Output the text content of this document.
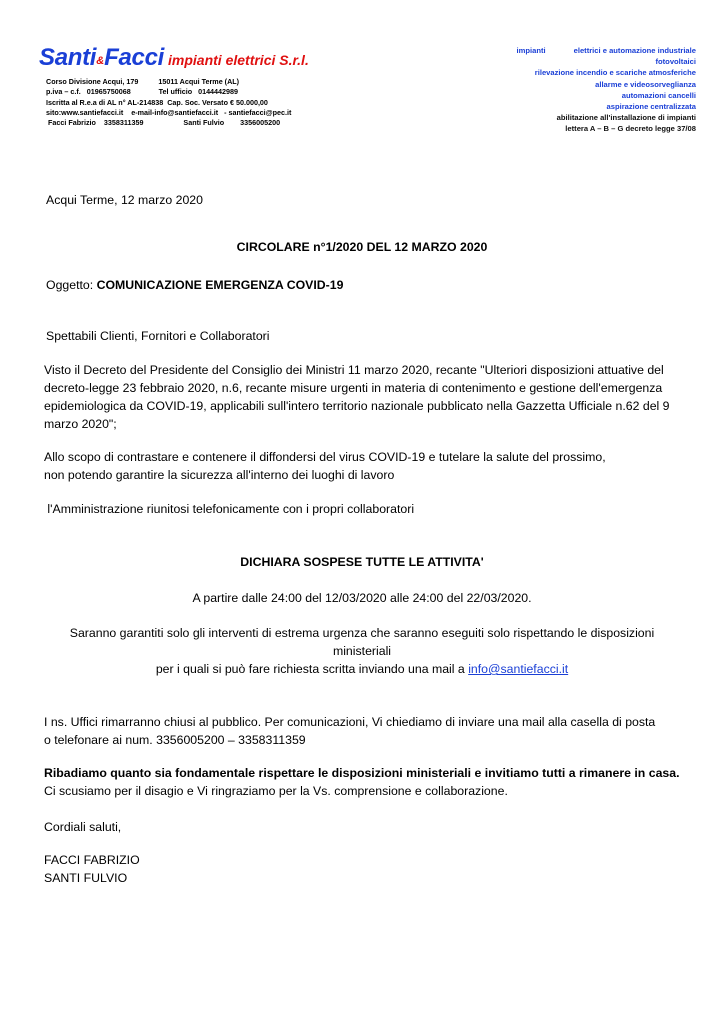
Santi&Facci impianti elettrici S.r.l.
Corso Divisione Acqui, 179          15011 Acqui Terme (AL)
p.iva – c.f.   01965750068              Tel ufficio   0144442989
Iscritta al R.e.a di AL n° AL-214838  Cap. Soc. Versato € 50.000,00
sito:www.santiefacci.it    e-mail-info@santiefacci.it   - santiefacci@pec.it
Facci Fabrizio    3358311359                    Santi Fulvio        3356005200
impianti	elettrici e automazione industriale
fotovoltaici
rilevazione incendio e scariche atmosferiche
allarme e videosorveglianza
automazioni cancelli
aspirazione centralizzata
abilitazione all'installazione di impianti
lettera A – B – G decreto legge 37/08
Acqui Terme, 12 marzo 2020
CIRCOLARE n°1/2020 DEL 12 MARZO 2020
Oggetto: COMUNICAZIONE EMERGENZA COVID-19
Spettabili Clienti, Fornitori e Collaboratori
Visto il Decreto del Presidente del Consiglio dei Ministri 11 marzo 2020, recante "Ulteriori disposizioni attuative del
decreto-legge 23 febbraio 2020, n.6, recante misure urgenti in materia di contenimento e gestione dell'emergenza
epidemiologica da COVID-19, applicabili sull'intero territorio nazionale pubblicato nella Gazzetta Ufficiale n.62 del 9
marzo 2020";
Allo scopo di contrastare e contenere il diffondersi del virus COVID-19 e tutelare la salute del prossimo,
non potendo garantire la sicurezza all'interno dei luoghi di lavoro
l'Amministrazione riunitosi telefonicamente con i propri collaboratori
DICHIARA SOSPESE TUTTE LE ATTIVITA'
A partire dalle 24:00 del 12/03/2020 alle 24:00 del 22/03/2020.
Saranno garantiti solo gli interventi di estrema urgenza che saranno eseguiti solo rispettando le disposizioni
ministeriali
per i quali si può fare richiesta scritta inviando una mail a info@santiefacci.it
I ns. Uffici rimarranno chiusi al pubblico. Per comunicazioni, Vi chiediamo di inviare una mail alla casella di posta
o telefonare ai num. 3356005200 – 3358311359
Ribadiamo quanto sia fondamentale rispettare le disposizioni ministeriali e invitiamo tutti a rimanere in casa.
Ci scusiamo per il disagio e Vi ringraziamo per la Vs. comprensione e collaborazione.
Cordiali saluti,
FACCI FABRIZIO
SANTI FULVIO
